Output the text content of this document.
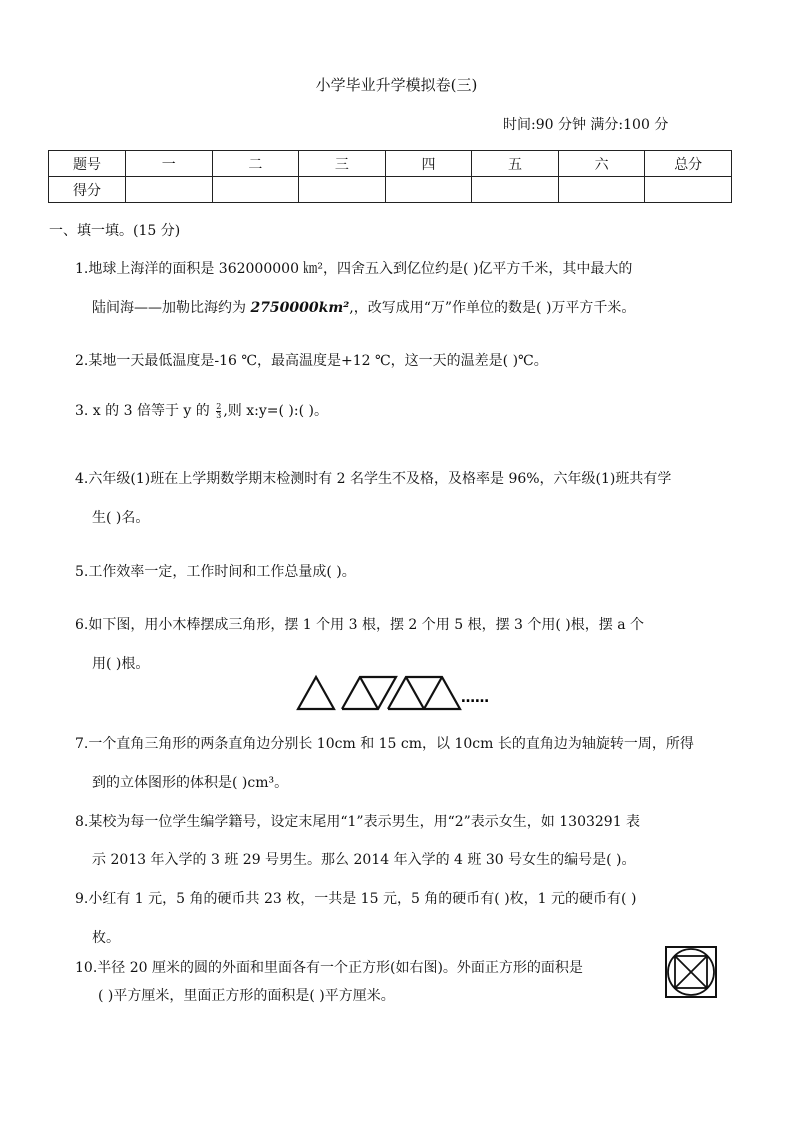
小学毕业升学模拟卷(三)
时间:90 分钟 满分:100 分
题号	一	二	三	四	五	六	总分
得分							
一、填一填。(15 分)
1.地球上海洋的面积是 362000000 ㎞²，四舍五入到亿位约是( )亿平方千米，其中最大的
陆间海——加勒比海约为 2750000km²,，改写成用“万”作单位的数是( )万平方千米。
2.某地一天最低温度是-16 ℃，最高温度是+12 ℃，这一天的温差是( )℃。
3. x 的 3 倍等于 y 的 $\frac{2}{3}$ ,则 x:y=( ):( )。
4.六年级(1)班在上学期数学期末检测时有 2 名学生不及格，及格率是 96%，六年级(1)班共有学
生( )名。
5.工作效率一定，工作时间和工作总量成( )。
6.如下图，用小木棒摆成三角形，摆 1 个用 3 根，摆 2 个用 5 根，摆 3 个用( )根，摆 a 个
用( )根。
……
7.一个直角三角形的两条直角边分别长 10cm 和 15 cm，以 10cm 长的直角边为轴旋转一周，所得
到的立体图形的体积是( )cm³。
8.某校为每一位学生编学籍号，设定末尾用“1”表示男生，用“2”表示女生，如 1303291 表
示 2013 年入学的 3 班 29 号男生。那么 2014 年入学的 4 班 30 号女生的编号是( )。
9.小红有 1 元，5 角的硬币共 23 枚，一共是 15 元，5 角的硬币有( )枚，1 元的硬币有( )
枚。
10.半径 20 厘米的圆的外面和里面各有一个正方形(如右图)。外面正方形的面积是
( )平方厘米，里面正方形的面积是( )平方厘米。
